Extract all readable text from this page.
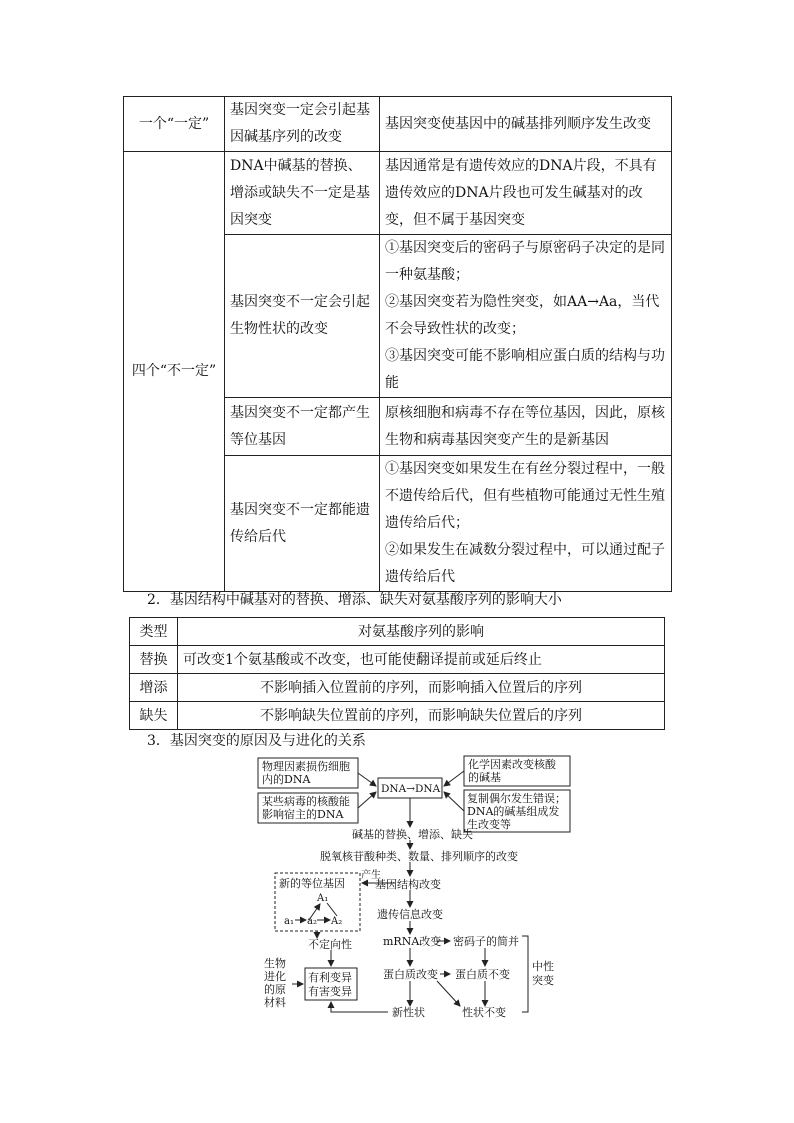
一个“一定”	基因突变一定会引起基因碱基序列的改变	基因突变使基因中的碱基排列顺序发生改变
四个“不一定”	DNA中碱基的替换、增添或缺失不一定是基因突变	基因通常是有遗传效应的DNA片段，不具有遗传效应的DNA片段也可发生碱基对的改变，但不属于基因突变

	基因突变不一定会引起生物性状的改变	①基因突变后的密码子与原密码子决定的是同一种氨基酸；
②基因突变若为隐性突变，如AA→Aa，当代不会导致性状的改变；
③基因突变可能不影响相应蛋白质的结构与功能

	基因突变不一定都产生等位基因	原核细胞和病毒不存在等位基因，因此，原核生物和病毒基因突变产生的是新基因

	基因突变不一定都能遗传给后代	①基因突变如果发生在有丝分裂过程中，一般不遗传给后代，但有些植物可能通过无性生殖遗传给后代；
②如果发生在减数分裂过程中，可以通过配子遗传给后代
2．基因结构中碱基对的替换、增添、缺失对氨基酸序列的影响大小
类型	对氨基酸序列的影响
替换	可改变1个氨基酸或不改变，也可能使翻译提前或延后终止
增添	不影响插入位置前的序列，而影响插入位置后的序列
缺失	不影响缺失位置前的序列，而影响缺失位置后的序列
3．基因突变的原因及与进化的关系
物理因素损伤细胞
内的DNA
某些病毒的核酸能
影响宿主的DNA
DNA→DNA
化学因素改变核酸
的碱基
复制偶尔发生错误；
DNA的碱基组成发
生改变等
碱基的替换、增添、缺失
脱氧核苷酸种类、数量、排列顺序的改变
产生
基因结构改变
新的等位基因
A₁
a₁ a₂ A₂
不定向性
遗传信息改变
mRNA改变 密码子的简并
蛋白质改变 蛋白质不变
中性
突变
生物
进化
的原
材料
有利变异
有害变异
新性状	性状不变
